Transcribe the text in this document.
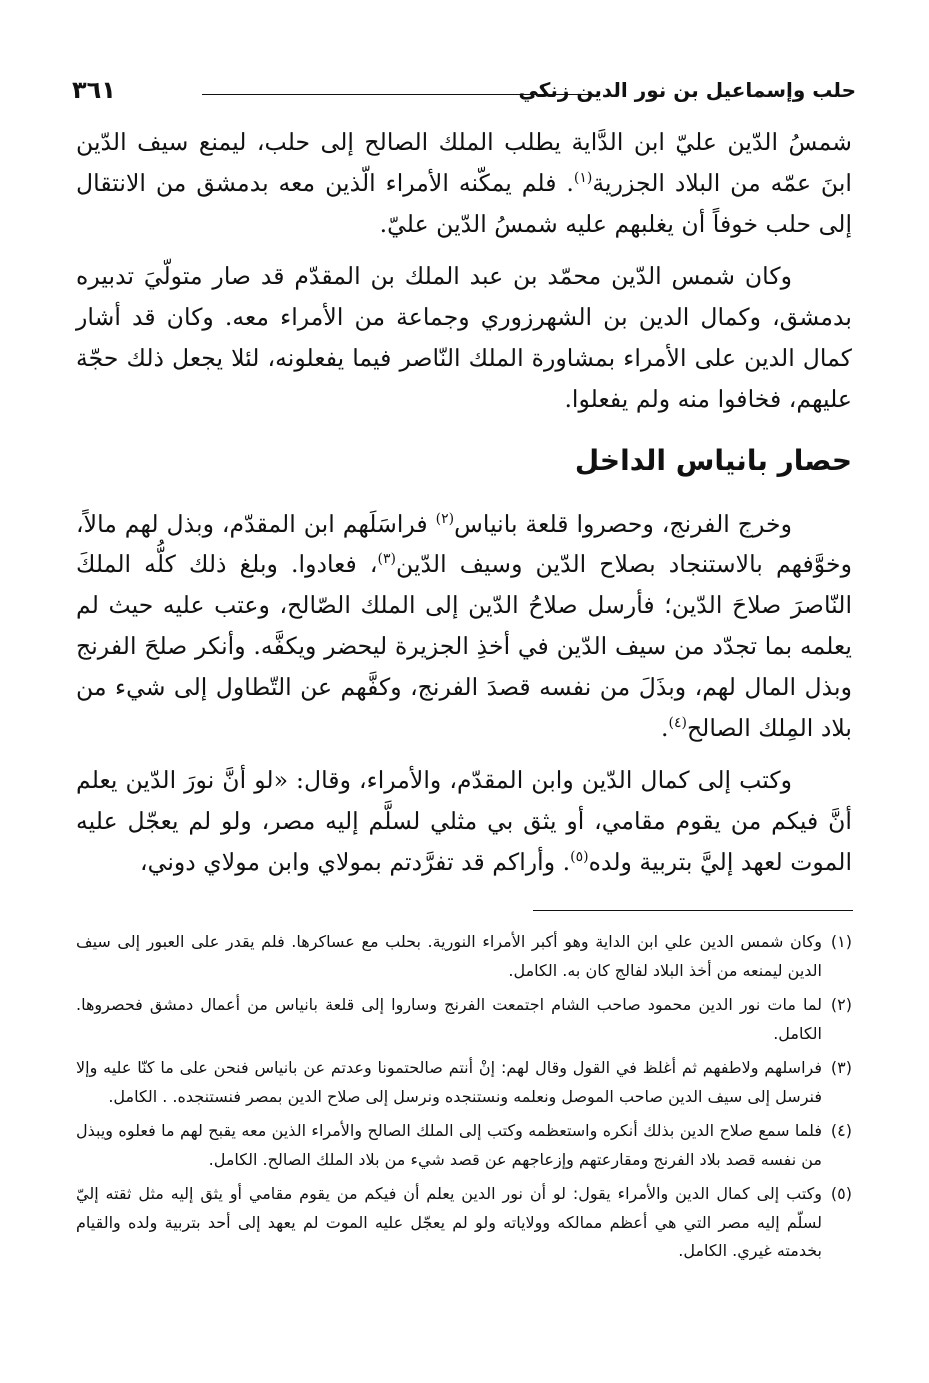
حلب وإسماعيل بن نور الدين زنكي
٣٦١

شمسُ الدّين عليّ ابن الدَّاية يطلب الملك الصالح إلى حلب، ليمنع سيف الدّين ابنَ عمّه من البلاد الجزرية$^{(١)}$. فلم يمكّنه الأمراء الّذين معه بدمشق من الانتقال إلى حلب خوفاً أن يغلبهم عليه شمسُ الدّين عليّ.

وكان شمس الدّين محمّد بن عبد الملك بن المقدّم قد صار متولّيَ تدبيره بدمشق، وكمال الدين بن الشهرزوري وجماعة من الأمراء معه. وكان قد أشار كمال الدين على الأمراء بمشاورة الملك النّاصر فيما يفعلونه، لئلا يجعل ذلك حجّة عليهم، فخافوا منه ولم يفعلوا.

حصار بانياس الداخل

وخرج الفرنج، وحصروا قلعة بانياس$^{(٢)}$ فراسَلَهم ابن المقدّم، وبذل لهم مالاً، وخوَّفهم بالاستنجاد بصلاح الدّين وسيف الدّين$^{(٣)}$، فعادوا. وبلغ ذلك كلُّه الملكَ النّاصرَ صلاحَ الدّين؛ فأرسل صلاحُ الدّين إلى الملك الصّالح، وعتب عليه حيث لم يعلمه بما تجدّد من سيف الدّين في أخذِ الجزيرة ليحضر ويكفَّه. وأنكر صلحَ الفرنج وبذل المال لهم، وبذَلَ من نفسه قصدَ الفرنج، وكفَّهم عن التّطاول إلى شيء من بلاد المِلك الصالح$^{(٤)}$.

وكتب إلى كمال الدّين وابن المقدّم، والأمراء، وقال: «لو أنَّ نورَ الدّين يعلم أنَّ فيكم من يقوم مقامي، أو يثق بي مثلي لسلَّم إليه مصر، ولو لم يعجّل عليه الموت لعهد إليَّ بتربية ولده$^{(٥)}$. وأراكم قد تفرَّدتم بمولاي وابن مولاي دوني،

(١)
وكان شمس الدين علي ابن الداية وهو أكبر الأمراء النورية. بحلب مع عساكرها. فلم يقدر على العبور إلى سيف الدين ليمنعه من أخذ البلاد لفالج كان به. الكامل.
(٢)
لما مات نور الدين محمود صاحب الشام اجتمعت الفرنج وساروا إلى قلعة بانياس من أعمال دمشق فحصروها. الكامل.
(٣)
فراسلهم ولاطفهم ثم أغلظ في القول وقال لهم: إنْ أنتم صالحتمونا وعدتم عن بانياس فنحن على ما كنّا عليه وإلا فنرسل إلى سيف الدين صاحب الموصل ونعلمه ونستنجده ونرسل إلى صلاح الدين بمصر فنستنجده. . الكامل.
(٤)
فلما سمع صلاح الدين بذلك أنكره واستعظمه وكتب إلى الملك الصالح والأمراء الذين معه يقبح لهم ما فعلوه ويبذل من نفسه قصد بلاد الفرنج ومقارعتهم وإزعاجهم عن قصد شيء من بلاد الملك الصالح. الكامل.
(٥)
وكتب إلى كمال الدين والأمراء يقول: لو أن نور الدين يعلم أن فيكم من يقوم مقامي أو يثق إليه مثل ثقته إليّ لسلّم إليه مصر التي هي أعظم ممالكه وولاياته ولو لم يعجّل عليه الموت لم يعهد إلى أحد بتربية ولده والقيام بخدمته غيري. الكامل.
